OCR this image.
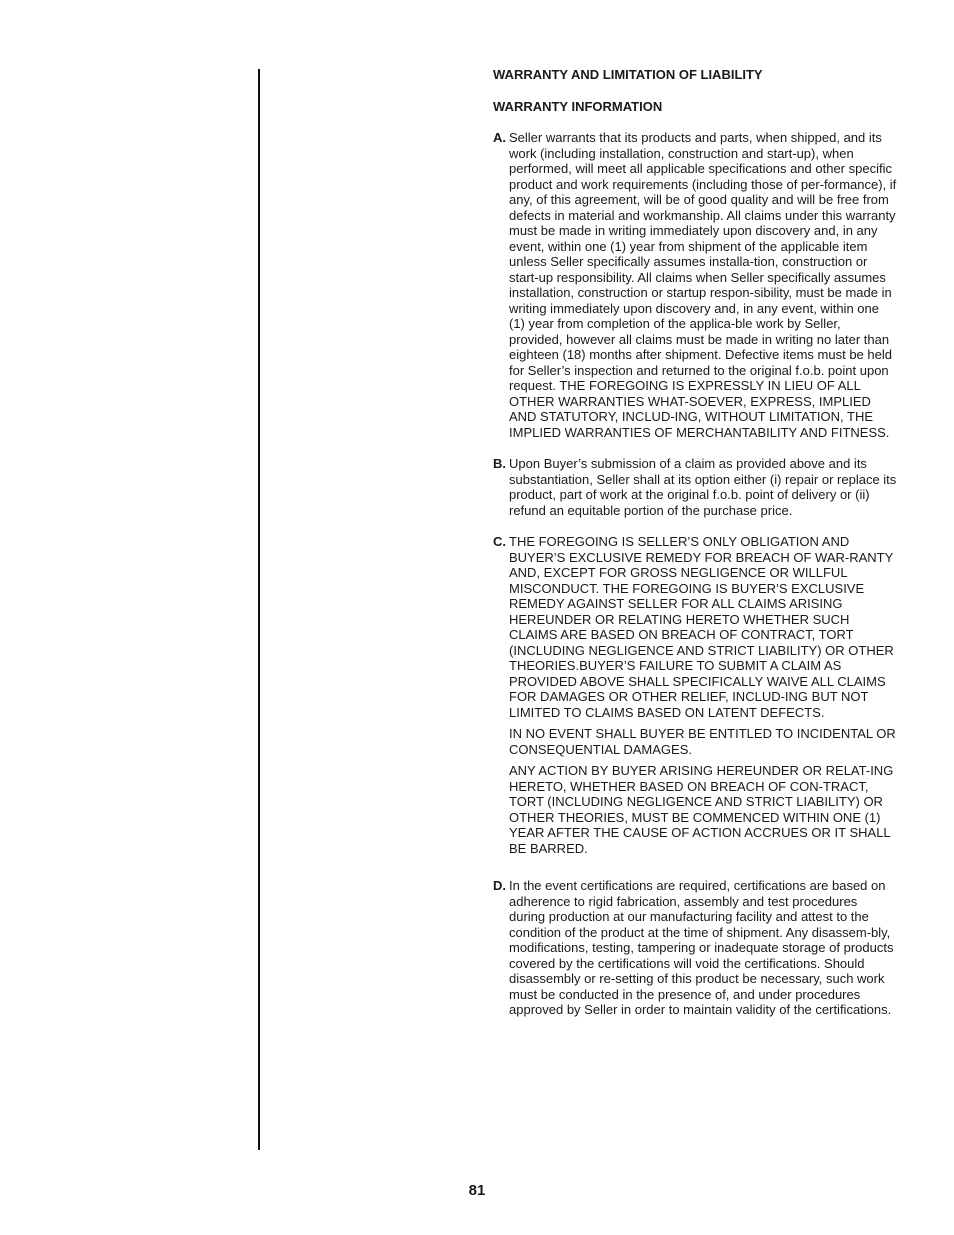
WARRANTY AND LIMITATION OF LIABILITY
WARRANTY INFORMATION
A. Seller warrants that its products and parts, when shipped, and its work (including installation, construction and start-up), when performed, will meet all applicable specifications and other specific product and work requirements (including those of per-formance), if any, of this agreement, will be of good quality and will be free from defects in material and workmanship. All claims under this warranty must be made in writing immediately upon discovery and, in any event, within one (1) year from shipment of the applicable item unless Seller specifically assumes installa-tion, construction or start-up responsibility. All claims when Seller specifically assumes installation, construction or startup respon-sibility, must be made in writing immediately upon discovery and, in any event, within one (1) year from completion of the applica-ble work by Seller, provided, however all claims must be made in writing no later than eighteen (18) months after shipment. Defective items must be held for Seller’s inspection and returned to the original f.o.b. point upon request. THE FOREGOING IS EXPRESSLY IN LIEU OF ALL OTHER WARRANTIES WHAT-SOEVER, EXPRESS, IMPLIED AND STATUTORY, INCLUD-ING, WITHOUT LIMITATION, THE IMPLIED WARRANTIES OF MERCHANTABILITY AND FITNESS.

B. Upon Buyer’s submission of a claim as provided above and its substantiation, Seller shall at its option either (i) repair or replace its product, part of work at the original f.o.b. point of delivery or (ii) refund an equitable portion of the purchase price.

C. THE FOREGOING IS SELLER’S ONLY OBLIGATION AND BUYER’S EXCLUSIVE REMEDY FOR BREACH OF WAR-RANTY AND, EXCEPT FOR GROSS NEGLIGENCE OR WILLFUL MISCONDUCT. THE FOREGOING IS BUYER’S EXCLUSIVE REMEDY AGAINST SELLER FOR ALL CLAIMS ARISING HEREUNDER OR RELATING HERETO WHETHER SUCH CLAIMS ARE BASED ON BREACH OF CONTRACT, TORT (INCLUDING NEGLIGENCE AND STRICT LIABILITY) OR OTHER THEORIES.BUYER’S FAILURE TO SUBMIT A CLAIM AS PROVIDED ABOVE SHALL SPECIFICALLY WAIVE ALL CLAIMS FOR DAMAGES OR OTHER RELIEF, INCLUD-ING BUT NOT LIMITED TO CLAIMS BASED ON LATENT DEFECTS.

IN NO EVENT SHALL BUYER BE ENTITLED TO INCIDENTAL OR CONSEQUENTIAL DAMAGES.

ANY ACTION BY BUYER ARISING HEREUNDER OR RELAT-ING HERETO, WHETHER BASED ON BREACH OF CON-TRACT, TORT (INCLUDING NEGLIGENCE AND STRICT LIABILITY) OR OTHER THEORIES, MUST BE COMMENCED WITHIN ONE (1) YEAR AFTER THE CAUSE OF ACTION ACCRUES OR IT SHALL BE BARRED.

D. In the event certifications are required, certifications are based on adherence to rigid fabrication, assembly and test procedures during production at our manufacturing facility and attest to the condition of the product at the time of shipment. Any disassem-bly, modifications, testing, tampering or inadequate storage of products covered by the certifications will void the certifications. Should disassembly or re-setting of this product be necessary, such work must be conducted in the presence of, and under procedures approved by Seller in order to maintain validity of the certifications.

81
